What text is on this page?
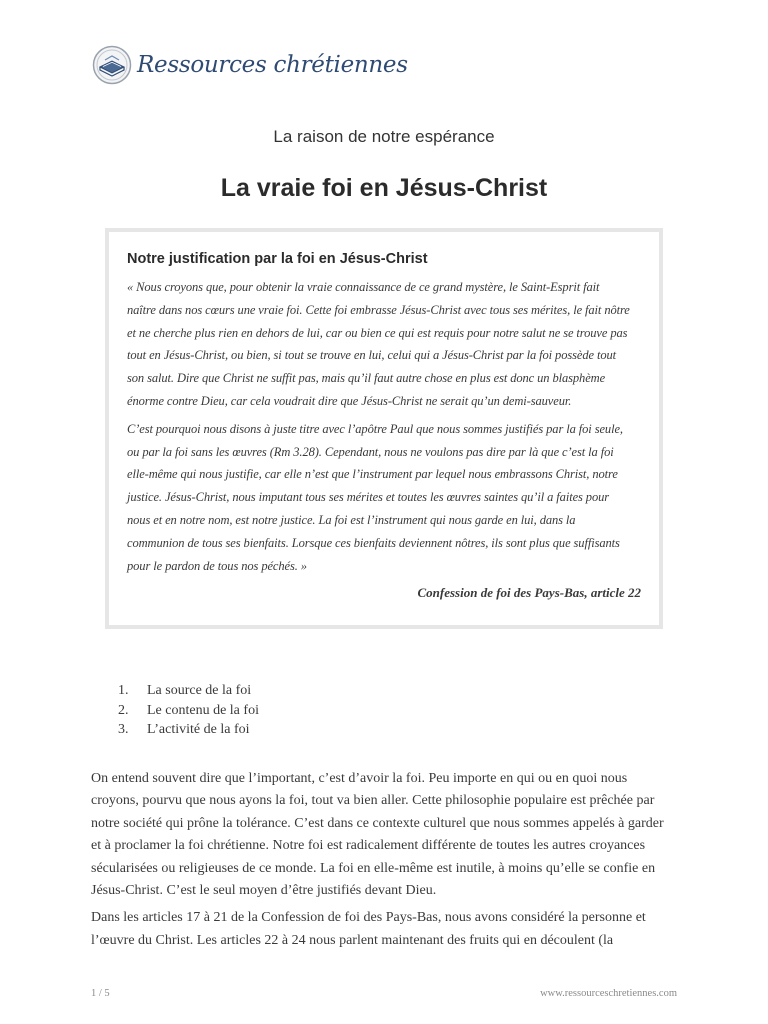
Ressources chrétiennes
La raison de notre espérance
La vraie foi en Jésus-Christ
Notre justification par la foi en Jésus-Christ
« Nous croyons que, pour obtenir la vraie connaissance de ce grand mystère, le Saint-Esprit fait
naître dans nos cœurs une vraie foi. Cette foi embrasse Jésus-Christ avec tous ses mérites, le fait nôtre
et ne cherche plus rien en dehors de lui, car ou bien ce qui est requis pour notre salut ne se trouve pas
tout en Jésus-Christ, ou bien, si tout se trouve en lui, celui qui a Jésus-Christ par la foi possède tout
son salut. Dire que Christ ne suffit pas, mais qu’il faut autre chose en plus est donc un blasphème
énorme contre Dieu, car cela voudrait dire que Jésus-Christ ne serait qu’un demi-sauveur.
C’est pourquoi nous disons à juste titre avec l’apôtre Paul que nous sommes justifiés par la foi seule,
ou par la foi sans les œuvres (Rm 3.28). Cependant, nous ne voulons pas dire par là que c’est la foi
elle-même qui nous justifie, car elle n’est que l’instrument par lequel nous embrassons Christ, notre
justice. Jésus-Christ, nous imputant tous ses mérites et toutes les œuvres saintes qu’il a faites pour
nous et en notre nom, est notre justice. La foi est l’instrument qui nous garde en lui, dans la
communion de tous ses bienfaits. Lorsque ces bienfaits deviennent nôtres, ils sont plus que suffisants
pour le pardon de tous nos péchés. »
Confession de foi des Pays-Bas, article 22
1.	La source de la foi
2.	Le contenu de la foi
3.	L’activité de la foi

On entend souvent dire que l’important, c’est d’avoir la foi. Peu importe en qui ou en quoi nous
croyons, pourvu que nous ayons la foi, tout va bien aller. Cette philosophie populaire est prêchée par
notre société qui prône la tolérance. C’est dans ce contexte culturel que nous sommes appelés à garder
et à proclamer la foi chrétienne. Notre foi est radicalement différente de toutes les autres croyances
sécularisées ou religieuses de ce monde. La foi en elle-même est inutile, à moins qu’elle se confie en
Jésus-Christ. C’est le seul moyen d’être justifiés devant Dieu.

Dans les articles 17 à 21 de la Confession de foi des Pays-Bas, nous avons considéré la personne et
l’œuvre du Christ. Les articles 22 à 24 nous parlent maintenant des fruits qui en découlent (la

1 / 5	www.ressourceschretiennes.com
